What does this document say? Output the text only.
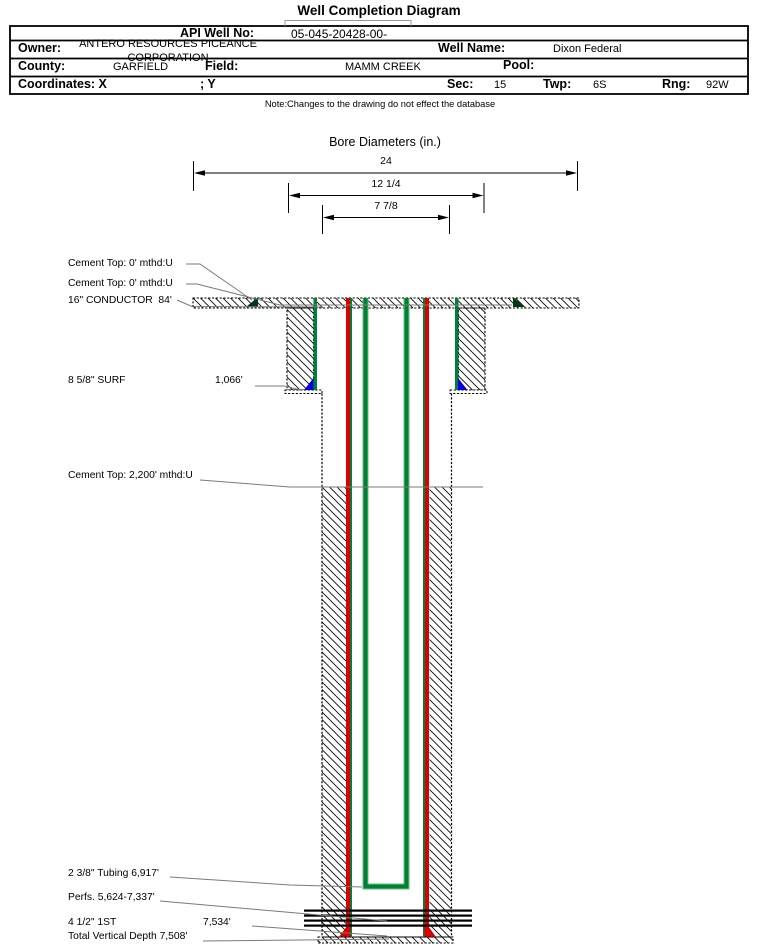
Well Completion Diagram
API Well No:	05-045-20428-00-
Owner: ANTERO RESOURCES PICEANCE
CORPORATION
Well Name:	Dixon Federal
County:	GARFIELD	Field:	MAMM CREEK	Pool:
Coordinates: X	; Y	Sec: 15	Twp: 6S	Rng: 92W
Note:Changes to the drawing do not effect the database
Bore Diameters (in.)
24
12 1/4
7 7/8
Cement Top: 0' mthd:U
Cement Top: 0' mthd:U
16" CONDUCTOR  84'
8 5/8" SURF	1,066'
Cement Top: 2,200' mthd:U
2 3/8" Tubing 6,917'
Perfs. 5,624-7,337'
4 1/2" 1ST	7,534'
Total Vertical Depth 7,508'
